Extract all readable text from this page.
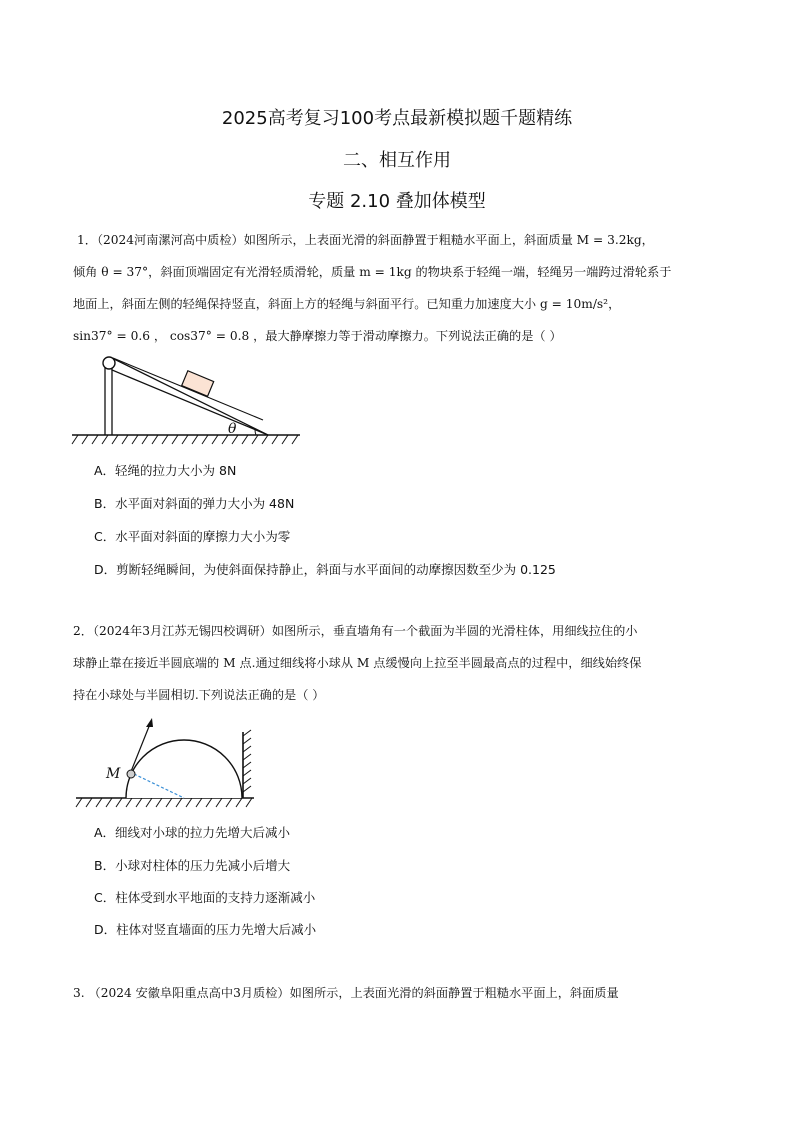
2025高考复习100考点最新模拟题千题精练
二、相互作用
专题 2.10 叠加体模型
1．（2024河南漯河高中质检）如图所示，上表面光滑的斜面静置于粗糙水平面上，斜面质量 M = 3.2kg，
倾角 θ = 37°，斜面顶端固定有光滑轻质滑轮，质量 m = 1kg 的物块系于轻绳一端，轻绳另一端跨过滑轮系于
地面上，斜面左侧的轻绳保持竖直，斜面上方的轻绳与斜面平行。已知重力加速度大小 g = 10m/s²，
sin37° = 0.6 ， cos37° = 0.8 ，最大静摩擦力等于滑动摩擦力。下列说法正确的是（ ）
θ
A．轻绳的拉力大小为 8N
B．水平面对斜面的弹力大小为 48N
C．水平面对斜面的摩擦力大小为零
D．剪断轻绳瞬间，为使斜面保持静止，斜面与水平面间的动摩擦因数至少为 0.125
2．（2024年3月江苏无锡四校调研）如图所示，垂直墙角有一个截面为半圆的光滑柱体，用细线拉住的小
球静止靠在接近半圆底端的 M 点.通过细线将小球从 M 点缓慢向上拉至半圆最高点的过程中，细线始终保
持在小球处与半圆相切.下列说法正确的是（ ）
M
A．细线对小球的拉力先增大后减小
B．小球对柱体的压力先减小后增大
C．柱体受到水平地面的支持力逐渐减小
D．柱体对竖直墙面的压力先增大后减小
3. （2024 安徽阜阳重点高中3月质检）如图所示，上表面光滑的斜面静置于粗糙水平面上，斜面质量
